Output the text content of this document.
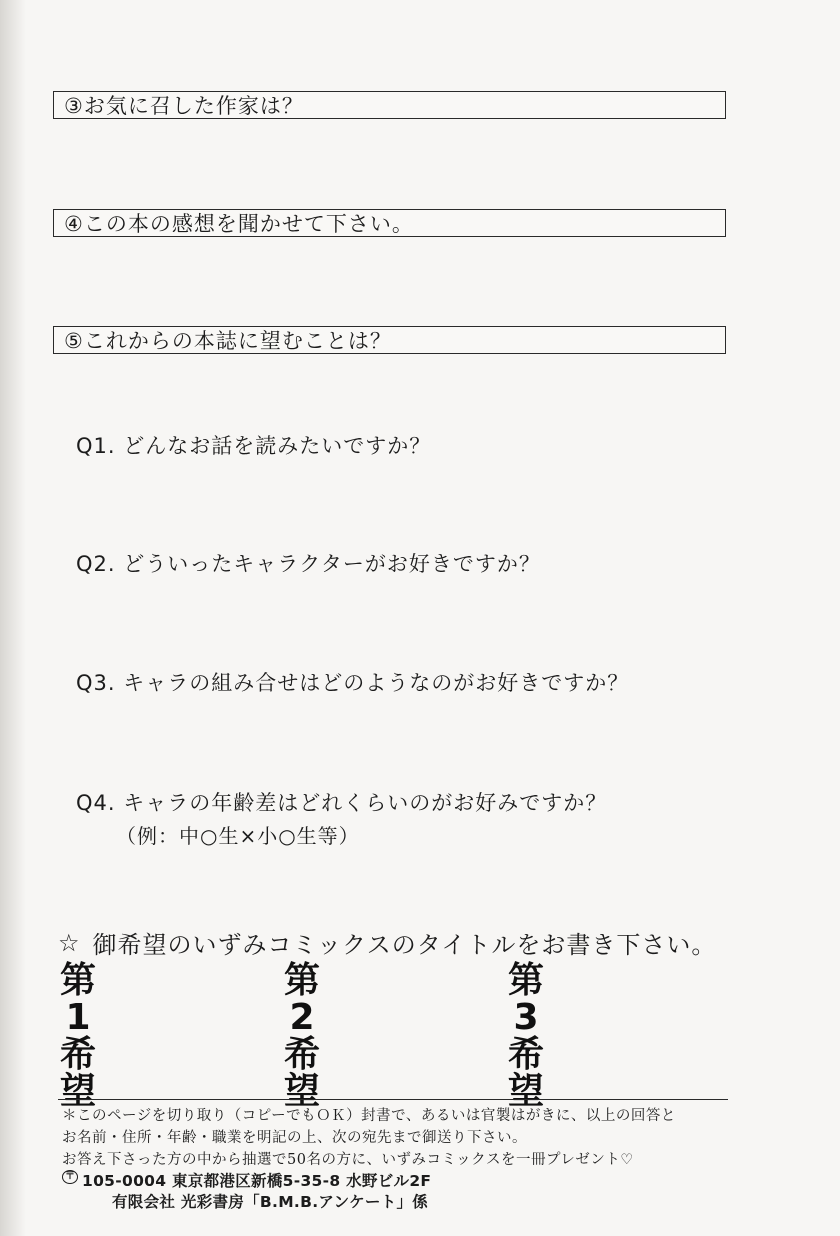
③お気に召した作家は？
④この本の感想を聞かせて下さい。
⑤これからの本誌に望むことは？
Q1. どんなお話を読みたいですか？
Q2. どういったキャラクターがお好きですか？
Q3. キャラの組み合せはどのようなのがお好きですか？
Q4. キャラの年齢差はどれくらいのがお好みですか？
（例：中○生×小○生等）
☆ 御希望のいずみコミックスのタイトルをお書き下さい。
第
1
希
望
第
2
希
望
第
3
希
望
＊このページを切り取り（コピーでもＯＫ）封書で、あるいは官製はがきに、以上の回答と
お名前・住所・年齢・職業を明記の上、次の宛先まで御送り下さい。
お答え下さった方の中から抽選で50名の方に、いずみコミックスを一冊プレゼント♡
〒 105-0004 東京都港区新橋5-35-8 水野ビル2F
有限会社 光彩書房「B.M.B.アンケート」係
